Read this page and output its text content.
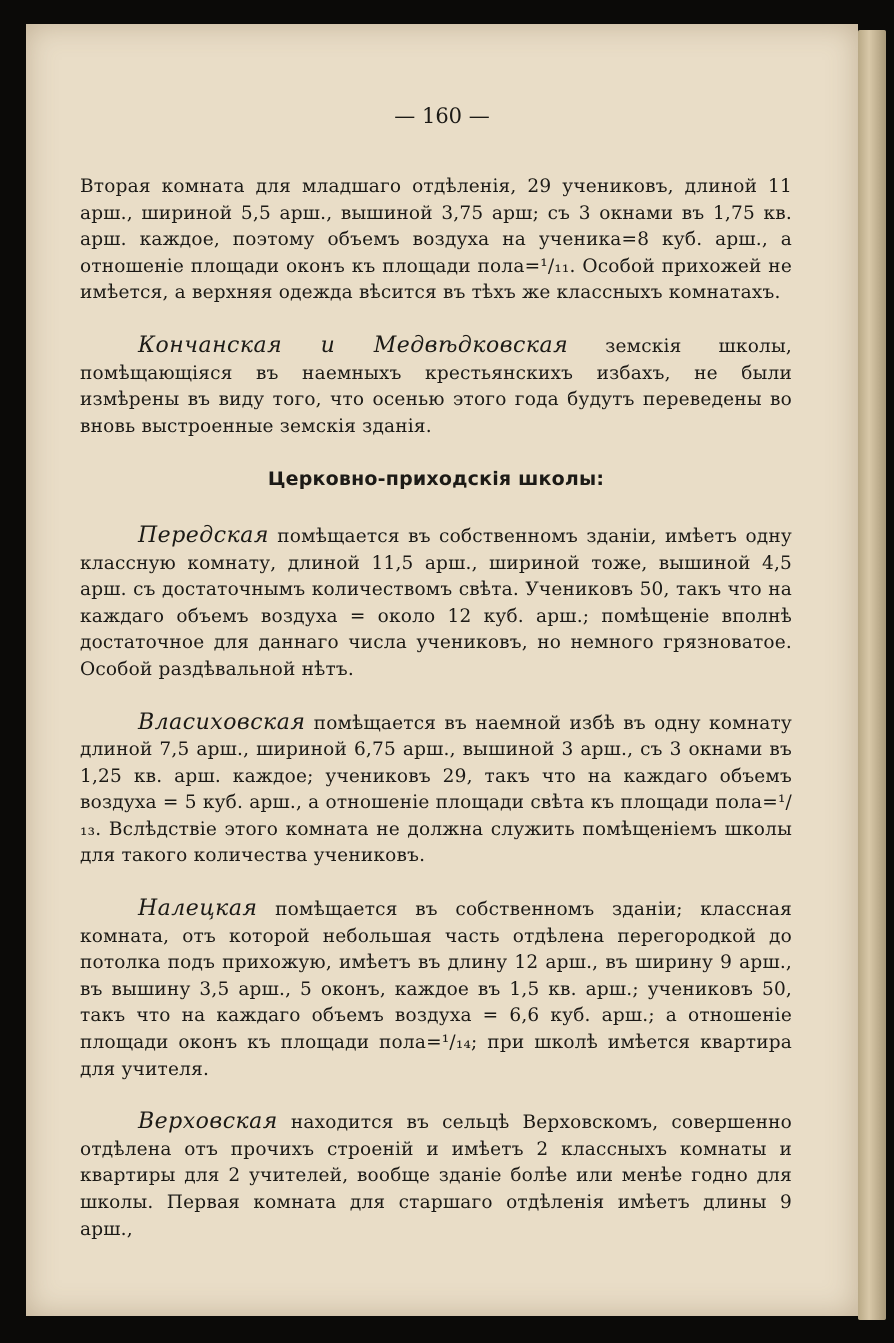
— 160 —

Вторая комната для младшаго отдѣленія, 29 учениковъ, длиной 11 арш., шириной 5,5 арш., вышиной 3,75 арш; съ 3 окнами въ 1,75 кв. арш. каждое, поэтому объемъ воздуха на ученика=8 куб. арш., а отношеніе площади оконъ къ площади пола=¹/₁₁. Особой прихожей не имѣется, а верхняя одежда вѣсится въ тѣхъ же классныхъ комнатахъ.

Кончанская и Медвѣдковская земскія школы, помѣщающіяся въ наемныхъ крестьянскихъ избахъ, не были измѣрены въ виду того, что осенью этого года будутъ переведены во вновь выстроенные земскія зданія.

Церковно-приходскія школы:

Передская помѣщается въ собственномъ зданіи, имѣетъ одну классную комнату, длиной 11,5 арш., шириной тоже, вышиной 4,5 арш. съ достаточнымъ количествомъ свѣта. Учениковъ 50, такъ что на каждаго объемъ воздуха = около 12 куб. арш.; помѣщеніе вполнѣ достаточное для даннаго числа учениковъ, но немного грязноватое. Особой раздѣвальной нѣтъ.

Власиховская помѣщается въ наемной избѣ въ одну комнату длиной 7,5 арш., шириной 6,75 арш., вышиной 3 арш., съ 3 окнами въ 1,25 кв. арш. каждое; учениковъ 29, такъ что на каждаго объемъ воздуха = 5 куб. арш., а отношеніе площади свѣта къ площади пола=¹/₁₃. Вслѣдствіе этого комната не должна служить помѣщеніемъ школы для такого количества учениковъ.

Налецкая помѣщается въ собственномъ зданіи; классная комната, отъ которой небольшая часть отдѣлена перегородкой до потолка подъ прихожую, имѣетъ въ длину 12 арш., въ ширину 9 арш., въ вышину 3,5 арш., 5 оконъ, каждое въ 1,5 кв. арш.; учениковъ 50, такъ что на каждаго объемъ воздуха = 6,6 куб. арш.; а отношеніе площади оконъ къ площади пола=¹/₁₄; при школѣ имѣется квартира для учителя.

Верховская находится въ сельцѣ Верховскомъ, совершенно отдѣлена отъ прочихъ строеній и имѣетъ 2 классныхъ комнаты и квартиры для 2 учителей, вообще зданіе болѣе или менѣе годно для школы. Первая комната для старшаго отдѣленія имѣетъ длины 9 арш.,
